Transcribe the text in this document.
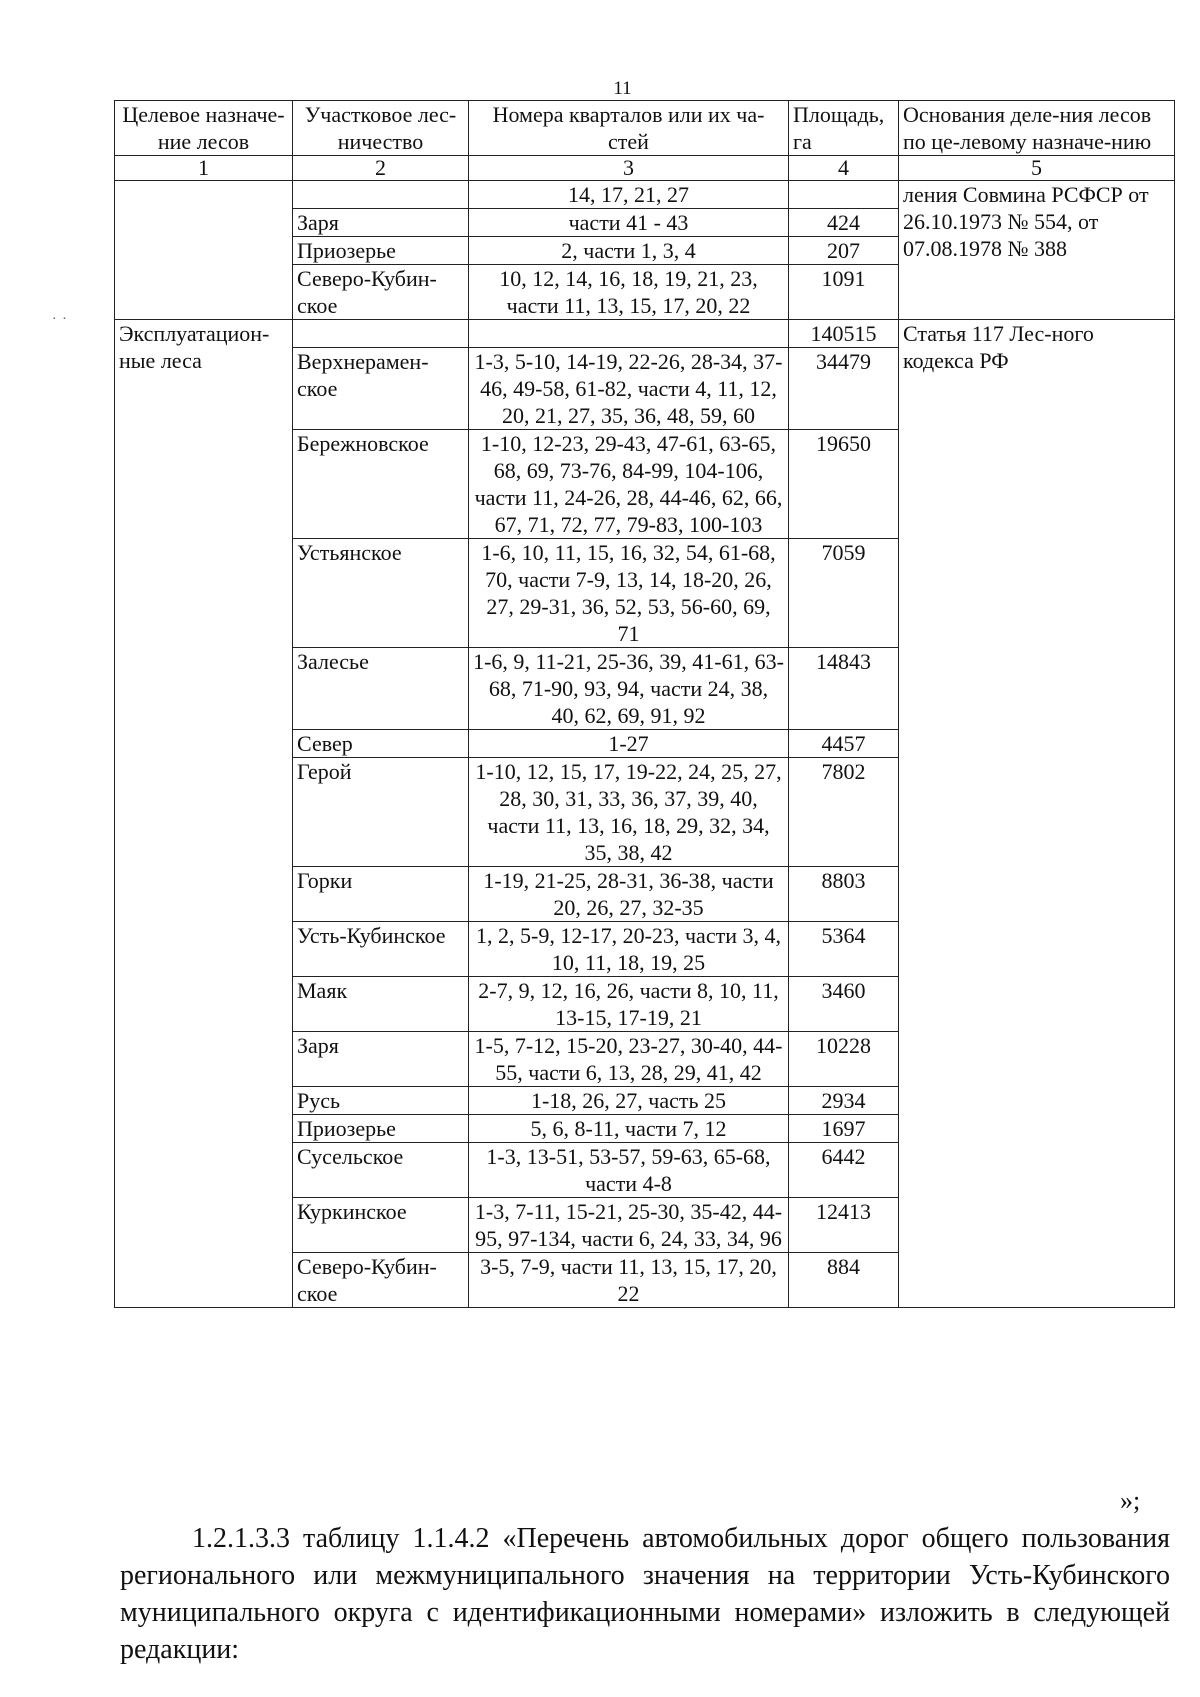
11
· ·
Целевое назначе-ние лесов	Участковое лес-ничество	Номера кварталов или их ча-стей	Площадь, га	Основания деле-ния лесов по це-левому назначе-нию
1	2	3	4	5
		14, 17, 21, 27		ления Совмина РСФСР от 26.10.1973 № 554, от 07.08.1978 № 388
	Заря	части 41 - 43	424	
	Приозерье	2, части 1, 3, 4	207	
	Северо-Кубин-ское	10, 12, 14, 16, 18, 19, 21, 23, части 11, 13, 15, 17, 20, 22	1091	
Эксплуатацион-ные леса			140515	Статья 117 Лес-ного кодекса РФ
	Верхнерамен-ское	1-3, 5-10, 14-19, 22-26, 28-34, 37-46, 49-58, 61-82, части 4, 11, 12, 20, 21, 27, 35, 36, 48, 59, 60	34479	
	Бережновское	1-10, 12-23, 29-43, 47-61, 63-65, 68, 69, 73-76, 84-99, 104-106, части 11, 24-26, 28, 44-46, 62, 66, 67, 71, 72, 77, 79-83, 100-103	19650	
	Устьянское	1-6, 10, 11, 15, 16, 32, 54, 61-68, 70, части 7-9, 13, 14, 18-20, 26, 27, 29-31, 36, 52, 53, 56-60, 69, 71	7059	
	Залесье	1-6, 9, 11-21, 25-36, 39, 41-61, 63-68, 71-90, 93, 94, части 24, 38, 40, 62, 69, 91, 92	14843	
	Север	1-27	4457	
	Герой	1-10, 12, 15, 17, 19-22, 24, 25, 27, 28, 30, 31, 33, 36, 37, 39, 40, части 11, 13, 16, 18, 29, 32, 34, 35, 38, 42	7802	
	Горки	1-19, 21-25, 28-31, 36-38, части 20, 26, 27, 32-35	8803	
	Усть-Кубинское	1, 2, 5-9, 12-17, 20-23, части 3, 4, 10, 11, 18, 19, 25	5364	
	Маяк	2-7, 9, 12, 16, 26, части 8, 10, 11, 13-15, 17-19, 21	3460	
	Заря	1-5, 7-12, 15-20, 23-27, 30-40, 44-55, части 6, 13, 28, 29, 41, 42	10228	
	Русь	1-18, 26, 27, часть 25	2934	
	Приозерье	5, 6, 8-11, части 7, 12	1697	
	Сусельское	1-3, 13-51, 53-57, 59-63, 65-68, части 4-8	6442	
	Куркинское	1-3, 7-11, 15-21, 25-30, 35-42, 44-95, 97-134, части 6, 24, 33, 34, 96	12413	
	Северо-Кубин-ское	3-5, 7-9, части 11, 13, 15, 17, 20, 22	884	
»;
1.2.1.3.3 таблицу 1.1.4.2 «Перечень автомобильных дорог общего пользования регионального или межмуниципального значения на территории Усть-Кубинского муниципального округа с идентификационными номерами» изложить в следующей редакции:
